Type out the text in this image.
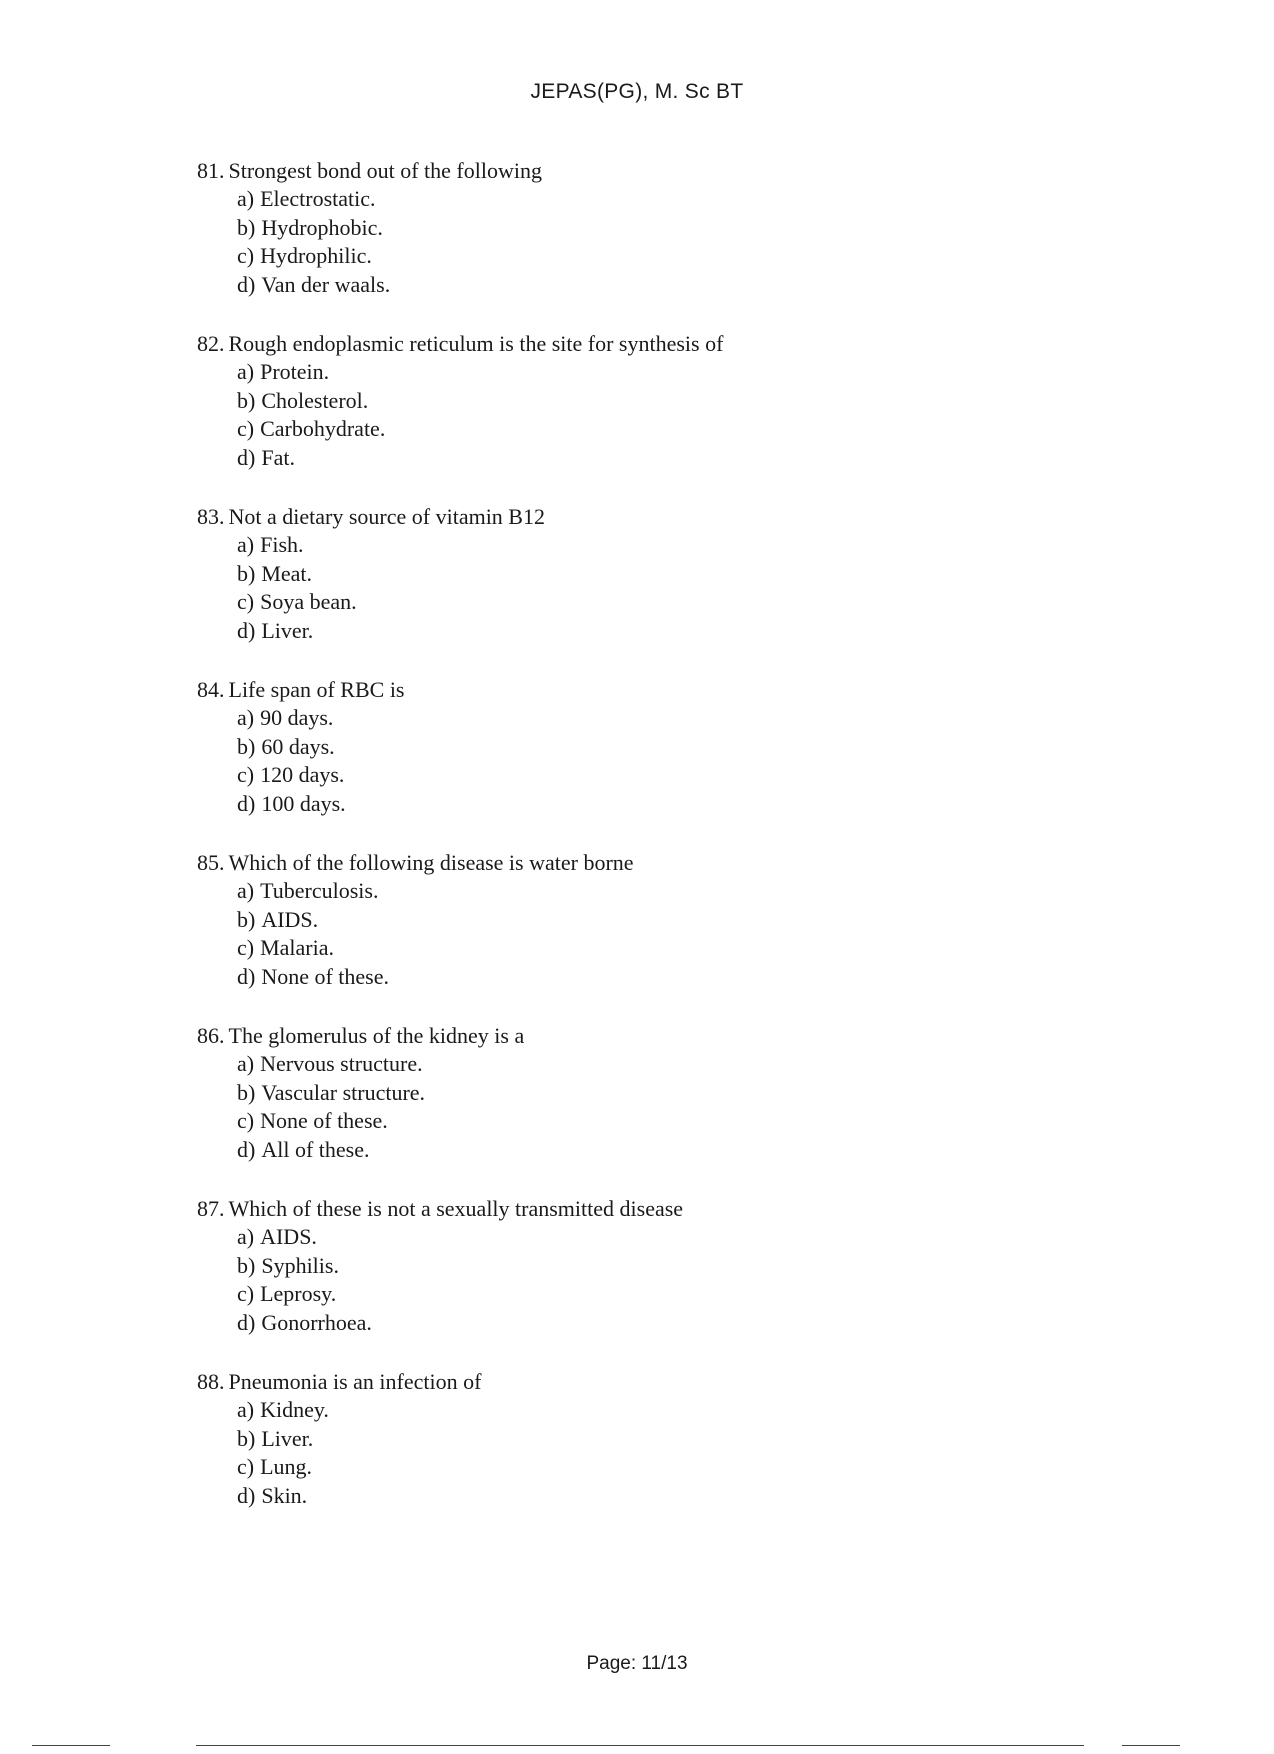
JEPAS(PG), M. Sc BT
81. Strongest bond out of the following
a) Electrostatic.
b) Hydrophobic.
c) Hydrophilic.
d) Van der waals.
82. Rough endoplasmic reticulum is the site for synthesis of
a) Protein.
b) Cholesterol.
c) Carbohydrate.
d) Fat.
83. Not a dietary source of vitamin B12
a) Fish.
b) Meat.
c) Soya bean.
d) Liver.
84. Life span of RBC is
a) 90 days.
b) 60 days.
c) 120 days.
d) 100 days.
85. Which of the following disease is water borne
a) Tuberculosis.
b) AIDS.
c) Malaria.
d) None of these.
86. The glomerulus of the kidney is a
a) Nervous structure.
b) Vascular structure.
c) None of these.
d) All of these.
87. Which of these is not a sexually transmitted disease
a) AIDS.
b) Syphilis.
c) Leprosy.
d) Gonorrhoea.
88. Pneumonia is an infection of
a) Kidney.
b) Liver.
c) Lung.
d) Skin.
Page: 11/13
